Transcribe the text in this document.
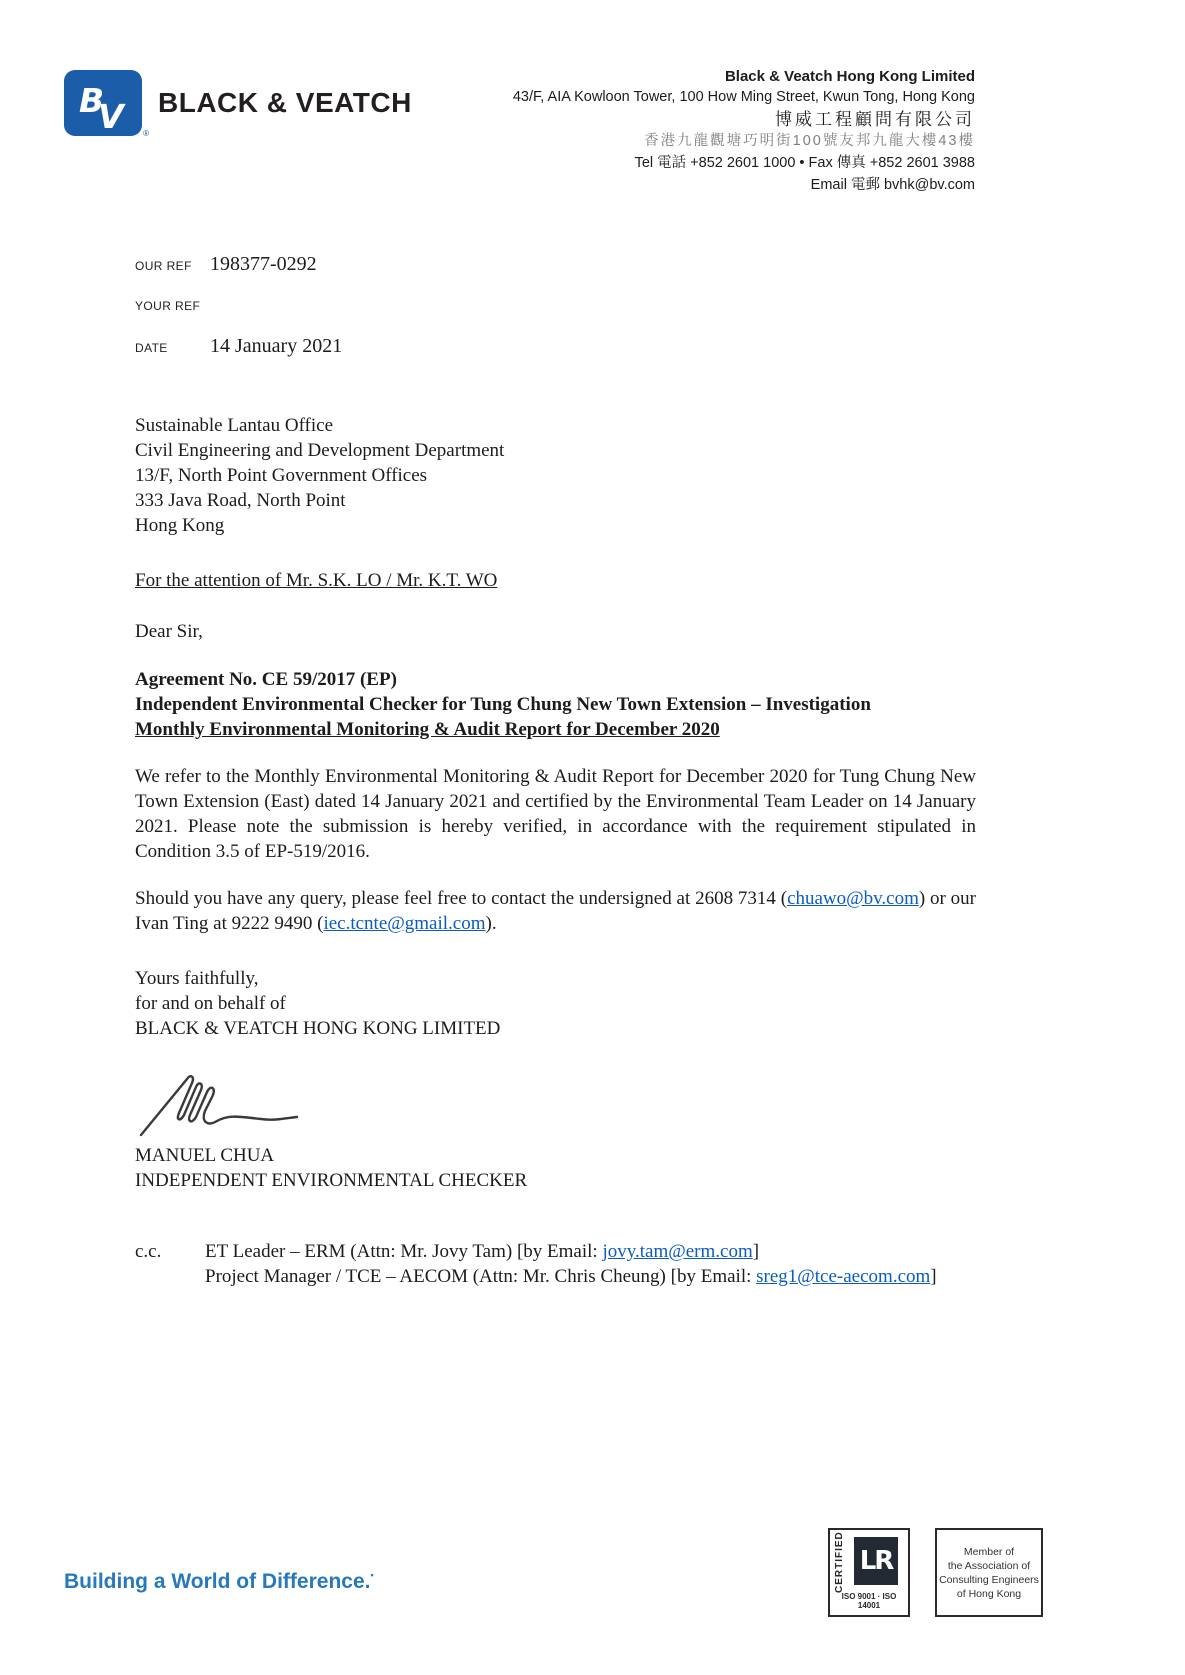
B
V	®
BLACK & VEATCH
Black & Veatch Hong Kong Limited
43/F, AIA Kowloon Tower, 100 How Ming Street, Kwun Tong, Hong Kong
博威工程顧問有限公司
香港九龍觀塘巧明街100號友邦九龍大樓43樓
Tel 電話 +852 2601 1000 • Fax 傳真 +852 2601 3988
Email 電郵 bvhk@bv.com
OUR REF 198377-0292
YOUR REF
DATE	14 January 2021
Sustainable Lantau Office
Civil Engineering and Development Department
13/F, North Point Government Offices
333 Java Road, North Point
Hong Kong
For the attention of Mr. S.K. LO / Mr. K.T. WO
Dear Sir,
Agreement No. CE 59/2017 (EP)
Independent Environmental Checker for Tung Chung New Town Extension – Investigation
Monthly Environmental Monitoring & Audit Report for December 2020
We refer to the Monthly Environmental Monitoring & Audit Report for December 2020 for Tung Chung New Town Extension (East) dated 14 January 2021 and certified by the Environmental Team Leader on 14 January 2021. Please note the submission is hereby verified, in accordance with the requirement stipulated in Condition 3.5 of EP-519/2016.
Should you have any query, please feel free to contact the undersigned at 2608 7314 (chuawo@bv.com) or our Ivan Ting at 9222 9490 (iec.tcnte@gmail.com).
Yours faithfully,
for and on behalf of
BLACK & VEATCH HONG KONG LIMITED
MANUEL CHUA
INDEPENDENT ENVIRONMENTAL CHECKER
c.c.	ET Leader – ERM (Attn: Mr. Jovy Tam) [by Email: jovy.tam@erm.com]
Project Manager / TCE – AECOM (Attn: Mr. Chris Cheung) [by Email: sreg1@tce-aecom.com]
Building a World of Difference.•	CERTIFIED LR
ISO 9001 · ISO 14001
Member of
the Association of
Consulting Engineers
of Hong Kong
